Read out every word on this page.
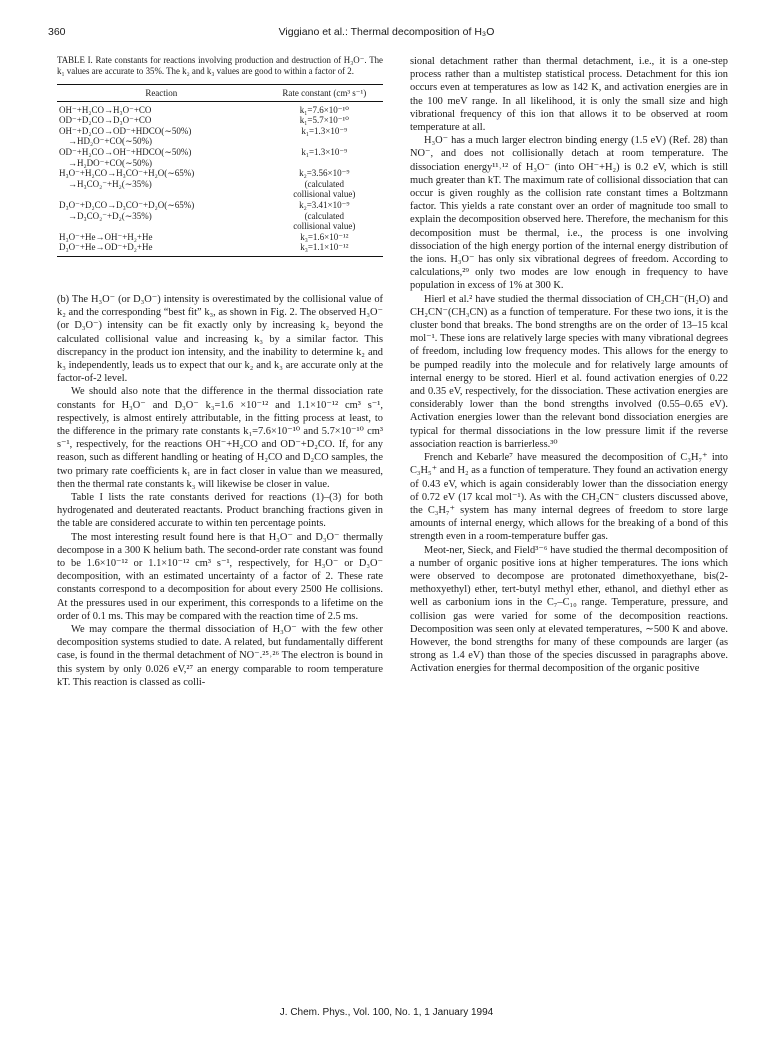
360	Viggiano et al.: Thermal decomposition of H₃O

TABLE I. Rate constants for reactions involving production and destruction of H₃O⁻. The k₁ values are accurate to 35%. The k₂ and k₃ values are good to within a factor of 2.

Reaction	Rate constant (cm³ s⁻¹)
OH⁻+H₂CO→H₃O⁻+CO	k₁=7.6×10⁻¹⁰
OD⁻+D₂CO→D₃O⁻+CO	k₁=5.7×10⁻¹⁰
OH⁻+D₂CO→OD⁻+HDCO(∼50%)	k₁=1.3×10⁻⁹
 →HD₂O⁻+CO(∼50%)	
OD⁻+H₂CO→OH⁻+HDCO(∼50%)	k₁=1.3×10⁻⁹
 →H₂DO⁻+CO(∼50%)	
H₃O⁻+H₂CO→H₃CO⁻+H₂O(∼65%)	k₂=3.56×10⁻⁹
 →H₃CO₂⁻+H₂(∼35%)	(calculated
	collisional value)
D₃O⁻+D₂CO→D₃CO⁻+D₂O(∼65%)	k₂=3.41×10⁻⁹
 →D₃CO₂⁻+D₂(∼35%)	(calculated
	collisional value)
H₃O⁻+He→OH⁻+H₂+He	k₃=1.6×10⁻¹²
D₃O⁻+He→OD⁻+D₂+He	k₃=1.1×10⁻¹²

(b) The H₃O⁻ (or D₃O⁻) intensity is overestimated by the collisional value of k₂ and the corresponding “best fit” k₃, as shown in Fig. 2. The observed H₃O⁻ (or D₃O⁻) intensity can be fit exactly only by increasing k₂ beyond the calculated collisional value and increasing k₃ by a similar factor. This discrepancy in the product ion intensity, and the inability to determine k₂ and k₃ independently, leads us to expect that our k₂ and k₃ are accurate only at the factor-of-2 level.

We should also note that the difference in the thermal dissociation rate constants for H₃O⁻ and D₃O⁻ k₃=1.6 ×10⁻¹² and 1.1×10⁻¹² cm³ s⁻¹, respectively, is almost entirely attributable, in the fitting process at least, to the difference in the primary rate constants k₁=7.6×10⁻¹⁰ and 5.7×10⁻¹⁰ cm³ s⁻¹, respectively, for the reactions OH⁻+H₂CO and OD⁻+D₂CO. If, for any reason, such as different handling or heating of H₂CO and D₂CO samples, the two primary rate coefficients k₁ are in fact closer in value than we measured, then the thermal rate constants k₃ will likewise be closer in value.

Table I lists the rate constants derived for reactions (1)–(3) for both hydrogenated and deuterated reactants. Product branching fractions given in the table are considered accurate to within ten percentage points.

The most interesting result found here is that H₃O⁻ and D₃O⁻ thermally decompose in a 300 K helium bath. The second-order rate constant was found to be 1.6×10⁻¹² or 1.1×10⁻¹² cm³ s⁻¹, respectively, for H₃O⁻ or D₃O⁻ decomposition, with an estimated uncertainty of a factor of 2. These rate constants correspond to a decomposition for about every 2500 He collisions. At the pressures used in our experiment, this corresponds to a lifetime on the order of 0.1 ms. This may be compared with the reaction time of 2.5 ms.

We may compare the thermal dissociation of H₃O⁻ with the few other decomposition systems studied to date. A related, but fundamentally different case, is found in the thermal detachment of NO⁻.²⁵˒²⁶ The electron is bound in this system by only 0.026 eV,²⁷ an energy comparable to room temperature kT. This reaction is classed as colli-

sional detachment rather than thermal detachment, i.e., it is a one-step process rather than a multistep statistical process. Detachment for this ion occurs even at temperatures as low as 142 K, and activation energies are in the 100 meV range. In all likelihood, it is only the small size and high vibrational frequency of this ion that allows it to be observed at room temperature at all.

H₃O⁻ has a much larger electron binding energy (1.5 eV) (Ref. 28) than NO⁻, and does not collisionally detach at room temperature. The dissociation energy¹¹˒¹² of H₃O⁻ (into OH⁻+H₂) is 0.2 eV, which is still much greater than kT. The maximum rate of collisional dissociation that can occur is given roughly as the collision rate constant times a Boltzmann factor. This yields a rate constant over an order of magnitude too small to explain the decomposition observed here. Therefore, the mechanism for this decomposition must be thermal, i.e., the process is one involving dissociation of the high energy portion of the internal energy distribution of the ions. H₃O⁻ has only six vibrational degrees of freedom. According to calculations,²⁹ only two modes are low enough in frequency to have population in excess of 1% at 300 K.

Hierl et al.² have studied the thermal dissociation of CH₂CH⁻(H₂O) and CH₂CN⁻(CH₃CN) as a function of temperature. For these two ions, it is the cluster bond that breaks. The bond strengths are on the order of 13–15 kcal mol⁻¹. These ions are relatively large species with many vibrational degrees of freedom, including low frequency modes. This allows for the energy to be pumped readily into the molecule and for relatively large amounts of internal energy to be stored. Hierl et al. found activation energies of 0.22 and 0.35 eV, respectively, for the dissociation. These activation energies are considerably lower than the bond strengths involved (0.55–0.65 eV). Activation energies lower than the relevant bond dissociation energies are typical for thermal dissociations in the low pressure limit if the reverse association reaction is barrierless.³⁰

French and Kebarle⁷ have measured the decomposition of C₃H₇⁺ into C₃H₅⁺ and H₂ as a function of temperature. They found an activation energy of 0.43 eV, which is again considerably lower than the dissociation energy of 0.72 eV (17 kcal mol⁻¹). As with the CH₂CN⁻ clusters discussed above, the C₃H₇⁺ system has many internal degrees of freedom to store large amounts of internal energy, which allows for the breaking of a bond of this strength even in a room-temperature buffer gas.

Meot-ner, Sieck, and Field³⁻⁶ have studied the thermal decomposition of a number of organic positive ions at higher temperatures. The ions which were observed to decompose are protonated dimethoxyethane, bis(2-methoxyethyl) ether, tert-butyl methyl ether, ethanol, and diethyl ether as well as carbonium ions in the C₇–C₁₀ range. Temperature, pressure, and collision gas were varied for some of the decomposition reactions. Decomposition was seen only at elevated temperatures, ∼500 K and above. However, the bond strengths for many of these compounds are larger (as strong as 1.4 eV) than those of the species discussed in paragraphs above. Activation energies for thermal decomposition of the organic positive

J. Chem. Phys., Vol. 100, No. 1, 1 January 1994
